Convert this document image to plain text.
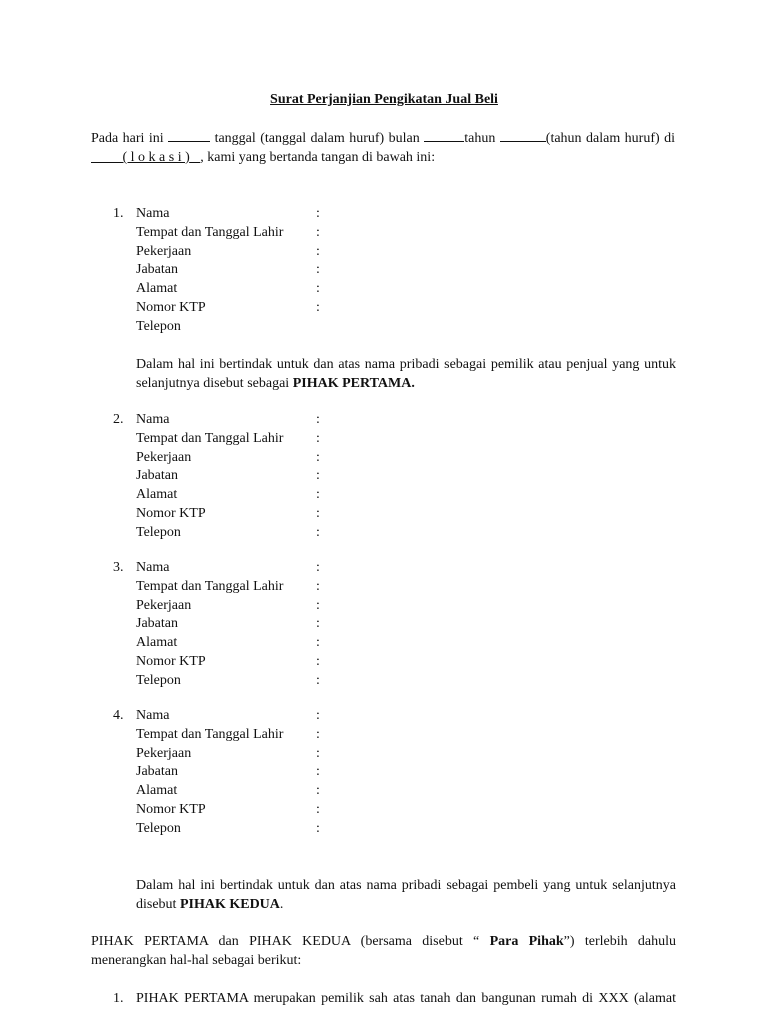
Surat Perjanjian Pengikatan Jual Beli
Pada hari ini	tanggal (tanggal dalam huruf) bulan	tahun	(tahun dalam huruf) di          ( l o k a s i ) , kami yang bertanda tangan di bawah ini:
1. Nama	:
Tempat dan Tanggal Lahir :
Pekerjaan	:
Jabatan	:
Alamat	:
Nomor KTP	:
Telepon
Dalam hal ini bertindak untuk dan atas nama pribadi sebagai pemilik atau penjual yang untuk selanjutnya disebut sebagai PIHAK PERTAMA.
2. Nama	:
Tempat dan Tanggal Lahir :
Pekerjaan	:
Jabatan	:
Alamat	:
Nomor KTP	:
Telepon	:
3. Nama	:
Tempat dan Tanggal Lahir :
Pekerjaan	:
Jabatan	:
Alamat	:
Nomor KTP	:
Telepon	:
4. Nama	:
Tempat dan Tanggal Lahir :
Pekerjaan	:
Jabatan	:
Alamat	:
Nomor KTP	:
Telepon	:
Dalam hal ini bertindak untuk dan atas nama pribadi sebagai pembeli yang untuk selanjutnya disebut PIHAK KEDUA.
PIHAK PERTAMA dan PIHAK KEDUA (bersama disebut “ Para Pihak”) terlebih dahulu menerangkan hal-hal sebagai berikut:
1. PIHAK PERTAMA merupakan pemilik sah atas tanah dan bangunan rumah di XXX (alamat
